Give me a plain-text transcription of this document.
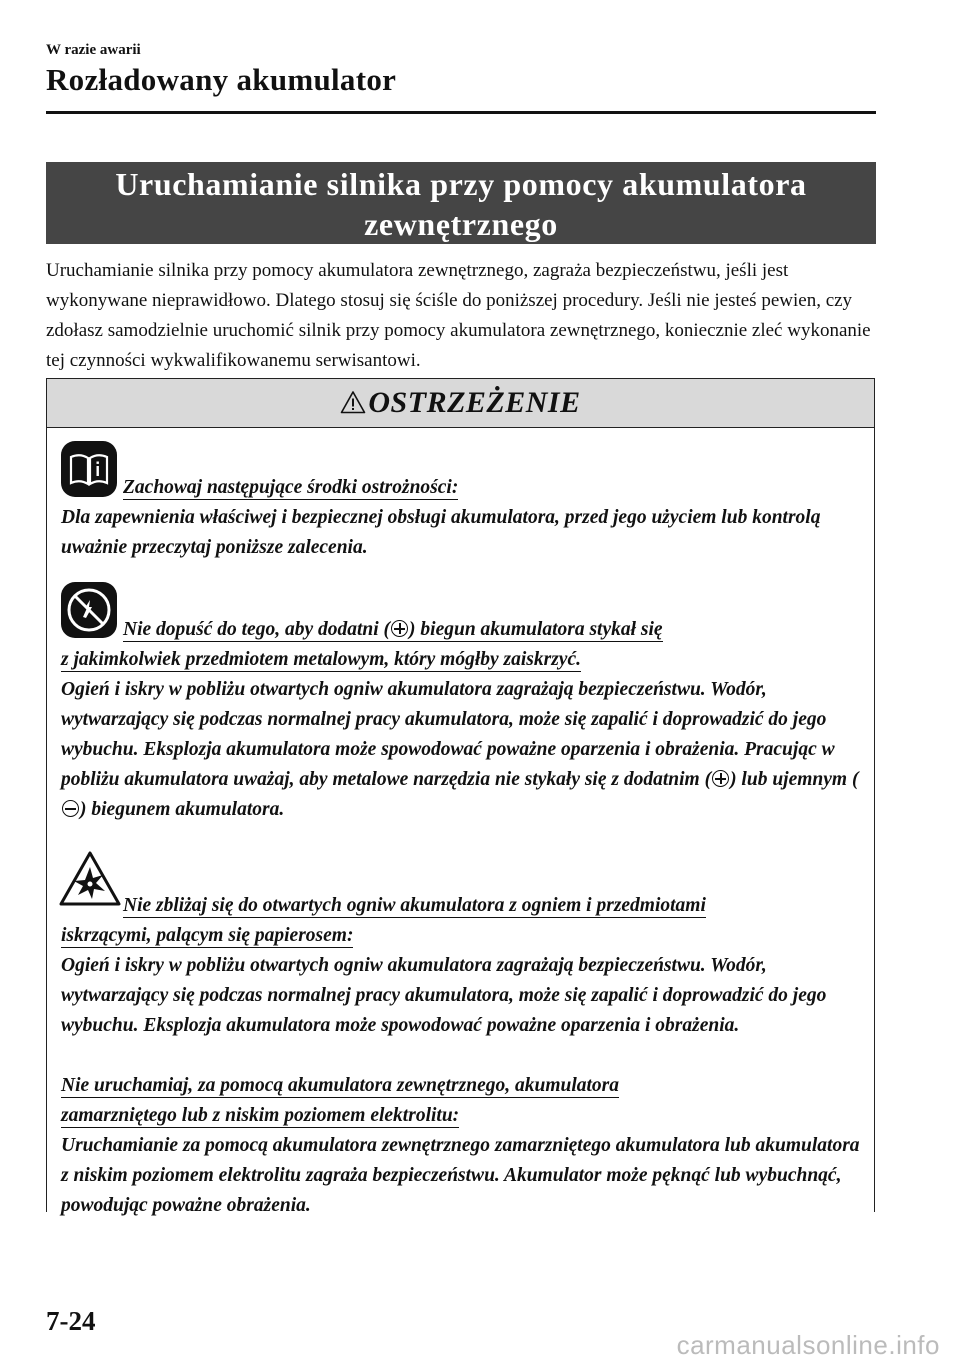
W razie awarii
Rozładowany akumulator
Uruchamianie silnika przy pomocy akumulatora
zewnętrznego

Uruchamianie silnika przy pomocy akumulatora zewnętrznego, zagraża bezpieczeństwu, jeśli jest wykonywane nieprawidłowo. Dlatego stosuj się ściśle do poniższej procedury. Jeśli nie jesteś pewien, czy zdołasz samodzielnie uruchomić silnik przy pomocy akumulatora zewnętrznego, koniecznie zleć wykonanie tej czynności wykwalifikowanemu serwisantowi.

OSTRZEŻENIE
Zachowaj następujące środki ostrożności:
Dla zapewnienia właściwej i bezpiecznej obsługi akumulatora, przed jego użyciem lub kontrolą uważnie przeczytaj poniższe zalecenia.
Nie dopuść do tego, aby dodatni ( ) biegun akumulatora stykał się
z jakimkolwiek przedmiotem metalowym, który mógłby zaiskrzyć.
Ogień i iskry w pobliżu otwartych ogniw akumulatora zagrażają bezpieczeństwu. Wodór, wytwarzający się podczas normalnej pracy akumulatora, może się zapalić i doprowadzić do jego wybuchu. Eksplozja akumulatora może spowodować poważne oparzenia i obrażenia. Pracując w pobliżu akumulatora uważaj, aby metalowe narzędzia nie stykały się z dodatnim ( ) lub ujemnym () biegunem akumulatora.
Nie zbliżaj się do otwartych ogniw akumulatora z ogniem i przedmiotami
iskrzącymi, palącym się papierosem:
Ogień i iskry w pobliżu otwartych ogniw akumulatora zagrażają bezpieczeństwu. Wodór, wytwarzający się podczas normalnej pracy akumulatora, może się zapalić i doprowadzić do jego wybuchu. Eksplozja akumulatora może spowodować poważne oparzenia i obrażenia.
Nie uruchamiaj, za pomocą akumulatora zewnętrznego, akumulatora
zamarzniętego lub z niskim poziomem elektrolitu:
Uruchamianie za pomocą akumulatora zewnętrznego zamarzniętego akumulatora lub akumulatora z niskim poziomem elektrolitu zagraża bezpieczeństwu. Akumulator może pęknąć lub wybuchnąć, powodując poważne obrażenia.
7-24
carmanualsonline.info
